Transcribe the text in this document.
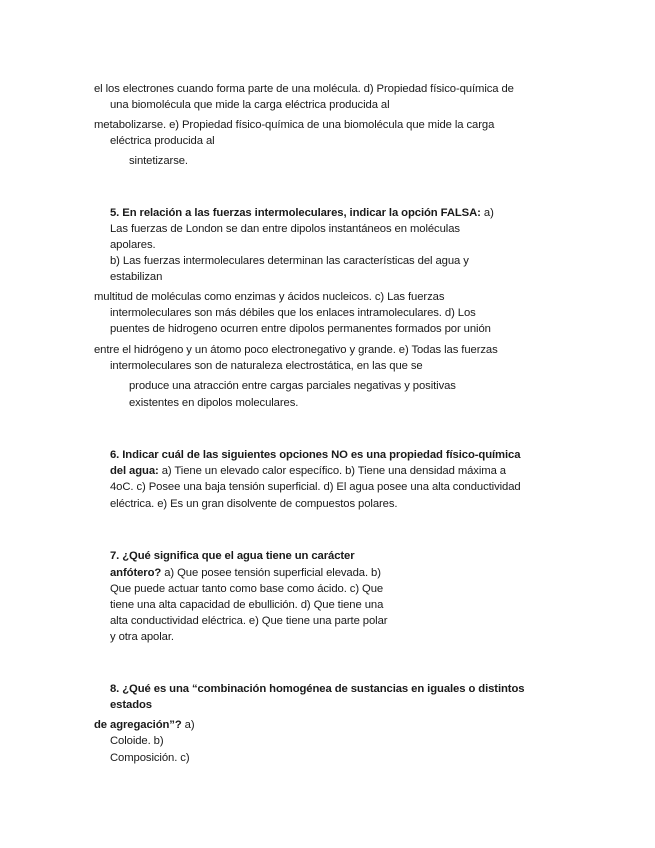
el los electrones cuando forma parte de una molécula. d) Propiedad físico-química de
una biomolécula que mide la carga eléctrica producida al
metabolizarse. e) Propiedad físico-química de una biomolécula que mide la carga
eléctrica producida al
sintetizarse.
5. En relación a las fuerzas intermoleculares, indicar la opción FALSA: a)
Las fuerzas de London se dan entre dipolos instantáneos en moléculas
apolares.
b) Las fuerzas intermoleculares determinan las características del agua y
estabilizan
multitud de moléculas como enzimas y ácidos nucleicos. c) Las fuerzas
intermoleculares son más débiles que los enlaces intramoleculares. d) Los
puentes de hidrogeno ocurren entre dipolos permanentes formados por unión
entre el hidrógeno y un átomo poco electronegativo y grande. e) Todas las fuerzas
intermoleculares son de naturaleza electrostática, en las que se
produce una atracción entre cargas parciales negativas y positivas
existentes en dipolos moleculares.
6. Indicar cuál de las siguientes opciones NO es una propiedad físico-química
del agua: a) Tiene un elevado calor específico. b) Tiene una densidad máxima a
4oC. c) Posee una baja tensión superficial. d) El agua posee una alta conductividad
eléctrica. e) Es un gran disolvente de compuestos polares.
7. ¿Qué significa que el agua tiene un carácter
anfótero? a) Que posee tensión superficial elevada. b)
Que puede actuar tanto como base como ácido. c) Que
tiene una alta capacidad de ebullición. d) Que tiene una
alta conductividad eléctrica. e) Que tiene una parte polar
y otra apolar.
8. ¿Qué es una “combinación homogénea de sustancias en iguales o distintos
estados
de agregación”? a)
Coloide. b)
Composición. c)
